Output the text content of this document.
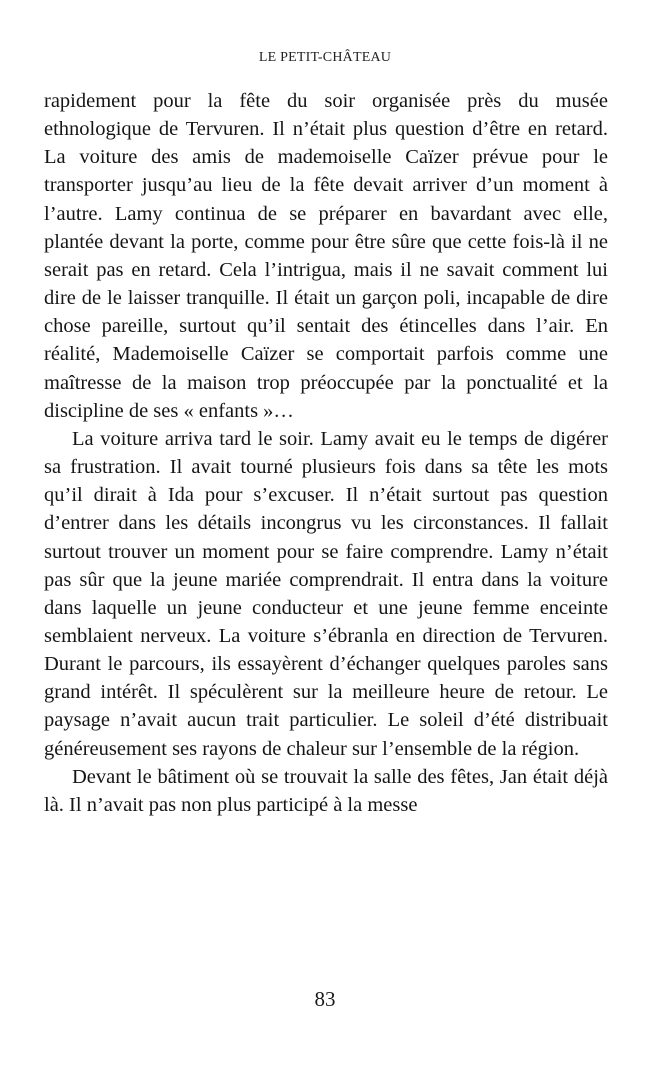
LE PETIT-CHÂTEAU

rapidement pour la fête du soir organisée près du musée ethnologique de Tervuren. Il n’était plus question d’être en retard. La voiture des amis de mademoiselle Caïzer prévue pour le transporter jusqu’au lieu de la fête devait arriver d’un moment à l’autre. Lamy continua de se préparer en bavardant avec elle, plantée devant la porte, comme pour être sûre que cette fois-là il ne serait pas en retard. Cela l’intrigua, mais il ne savait comment lui dire de le laisser tranquille. Il était un garçon poli, incapable de dire chose pareille, surtout qu’il sentait des étincelles dans l’air. En réalité, Mademoiselle Caïzer se comportait parfois comme une maîtresse de la maison trop préoccupée par la ponctualité et la discipline de ses « enfants »…

La voiture arriva tard le soir. Lamy avait eu le temps de digérer sa frustration. Il avait tourné plusieurs fois dans sa tête les mots qu’il dirait à Ida pour s’excuser. Il n’était surtout pas question d’entrer dans les détails incongrus vu les circonstances. Il fallait surtout trouver un moment pour se faire comprendre. Lamy n’était pas sûr que la jeune mariée comprendrait. Il entra dans la voiture dans laquelle un jeune conducteur et une jeune femme enceinte semblaient nerveux. La voiture s’ébranla en direction de Tervuren. Durant le parcours, ils essayèrent d’échanger quelques paroles sans grand intérêt. Il spéculèrent sur la meilleure heure de retour. Le paysage n’avait aucun trait particulier. Le soleil d’été distribuait généreusement ses rayons de chaleur sur l’ensemble de la région.

Devant le bâtiment où se trouvait la salle des fêtes, Jan était déjà là. Il n’avait pas non plus participé à la messe

83
